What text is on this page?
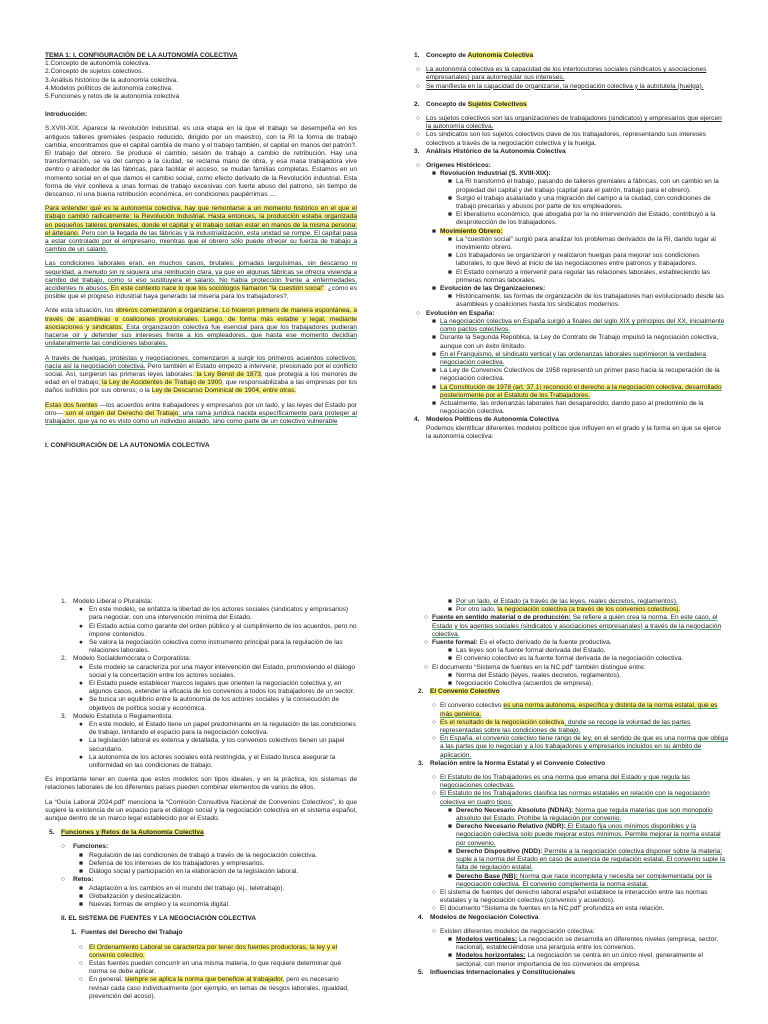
TEMA 1: I. CONFIGURACIÓN DE LA AUTONOMÍA COLECTIVA
1.Concepto de autonomía colectiva.
2.Concepto de sujetos colectivos.
3.Análisis histórico de la autonomía colectiva.
4.Modelos políticos de autonomía colectiva.
5.Funciones y retos de la autonomía colectiva
Introducción:

S.XVIII-XIX. Aparece la revolución industrial, es una etapa en la que el trabajo se desempeña en los antiguos talleres gremiales (espacio reducido, dirigido por un maestro), con la RI la forma de trabajo cambia, encontramos que el capital cambia de mano y el trabajo también, el capital en manos del patrón?. El trabajo del obrero. Se produce el cambio, sesión de trabajo a cambio de retribución. Hay una transformación, se va del campo a la ciudad, se reclama mano de obra, y esa masa trabajadora vive dentro o alrededor de las fábricas, para facilitar el acceso, se mudan familias completas. Estamos en un momento social en el que damos el cambio social, como efecto derivado de la Revolución industrial. Esta forma de vivir conlleva a unas formas de trabajo excesivas con fuerte abuso del patrono, sin tiempo de descanso, ni una buena retribución económica, en condiciones paupérrimas ....

Para entender qué es la autonomía colectiva, hay que remontarse a un momento histórico en el que el trabajo cambió radicalmente: la Revolución Industrial. Hasta entonces, la producción estaba organizada en pequeños talleres gremiales, donde el capital y el trabajo solían estar en manos de la misma persona: el artesano. Pero con la llegada de las fábricas y la industrialización, esta unidad se rompe. El capital pasa a estar controlado por el empresario, mientras que el obrero sólo puede ofrecer su fuerza de trabajo a cambio de un salario.

Las condiciones laborales eran, en muchos casos, brutales: jornadas larguísimas, sin descanso ni seguridad, a menudo sin ni siquiera una retribución clara, ya que en algunas fábricas se ofrecía vivienda a cambio del trabajo, como si eso sustituyera el salario. No había protección frente a enfermedades, accidentes ni abusos. En este contexto nace lo que los sociólogos llamaron “la cuestión social”: ¿cómo es posible que el progreso industrial haya generado tal miseria para los trabajadores?.

Ante esta situación, los obreros comenzaron a organizarse. Lo hicieron primero de manera espontánea, a través de asambleas o coaliciones provisionales. Luego, de forma más estable y legal, mediante asociaciones y sindicatos. Esta organización colectiva fue esencial para que los trabajadores pudieran hacerse oír y defender sus intereses frente a los empleadores, que hasta ese momento decidían unilateralmente las condiciones laborales.

A través de huelgas, protestas y negociaciones, comenzaron a surgir los primeros acuerdos colectivos: nacía así la negociación colectiva. Pero también el Estado empezó a intervenir, presionado por el conflicto social. Así, surgieron las primeras leyes laborales: la Ley Benot de 1873, que protegía a los menores de edad en el trabajo; la Ley de Accidentes de Trabajo de 1900, que responsabilizaba a las empresas por los daños sufridos por sus obreros; o la Ley de Descanso Dominical de 1904, entre otras.

Estas dos fuentes —los acuerdos entre trabajadores y empresarios por un lado, y las leyes del Estado por otro— son el origen del Derecho del Trabajo: una rama jurídica nacida específicamente para proteger al trabajador, que ya no es visto como un individuo aislado, sino como parte de un colectivo vulnerable

I. CONFIGURACIÓN DE LA AUTONOMÍA COLECTIVA
1. Concepto de Autonomía Colectiva
○ La autonomía colectiva es la capacidad de los interlocutores sociales (sindicatos y asociaciones empresariales) para autorregular sus intereses.
○ Se manifiesta en la capacidad de organizarse, la negociación colectiva y la autotutela (huelga).
2. Concepto de Sujetos Colectivos
○ Los sujetos colectivos son las organizaciones de trabajadores (sindicatos) y empresarios que ejercen la autonomía colectiva.
○ Los sindicatos son los sujetos colectivos clave de los trabajadores, representando sus intereses colectivos a través de la negociación colectiva y la huelga.
3. Análisis Histórico de la Autonomía Colectiva
○ Orígenes Históricos:
■ Revolución Industrial (S. XVIII-XIX):
■ La RI transformó el trabajo, pasando de talleres gremiales a fábricas, con un cambio en la propiedad del capital y del trabajo (capital para el patrón, trabajo para el obrero).
■ Surgió el trabajo asalariado y una migración del campo a la ciudad, con condiciones de trabajo precarias y abusos por parte de los empleadores.
■ El liberalismo económico, que abogaba por la no intervención del Estado, contribuyó a la desprotección de los trabajadores.
■ Movimiento Obrero:
■ La “cuestión social” surgió para analizar los problemas derivados de la RI, dando lugar al movimiento obrero.
■ Los trabajadores se organizaron y realizaron huelgas para mejorar sus condiciones laborales, lo que llevó al inicio de las negociaciones entre patronos y trabajadores.
■ El Estado comenzó a intervenir para regular las relaciones laborales, estableciendo las primeras normas laborales.
■ Evolución de las Organizaciones:
■ Históricamente, las formas de organización de los trabajadores han evolucionado desde las asambleas y coaliciones hasta los sindicatos modernos.
○ Evolución en España:
■ La negociación colectiva en España surgió a finales del siglo XIX y principios del XX, inicialmente como pactos colectivos.
■ Durante la Segunda República, la Ley de Contrato de Trabajo impulsó la negociación colectiva, aunque con un éxito limitado.
■ En el Franquismo, el sindicato vertical y las ordenanzas laborales suprimieron la verdadera negociación colectiva.
■ La Ley de Convenios Colectivos de 1958 representó un primer paso hacia la recuperación de la negociación colectiva.
■ La Constitución de 1978 (art. 37.1) reconoció el derecho a la negociación colectiva, desarrollado posteriormente por el Estatuto de los Trabajadores.
■ Actualmente, las ordenanzas laborales han desaparecido, dando paso al predominio de la negociación colectiva.
4. Modelos Políticos de Autonomía Colectiva
Podemos identificar diferentes modelos políticos que influyen en el grado y la forma en que se ejerce la autonomía colectiva:
1. Modelo Liberal o Pluralista:
● En este modelo, se enfatiza la libertad de los actores sociales (sindicatos y empresarios) para negociar, con una intervención mínima del Estado.
● El Estado actúa como garante del orden público y el cumplimiento de los acuerdos, pero no impone contenidos.
● Se valora la negociación colectiva como instrumento principal para la regulación de las relaciones laborales.
2. Modelo Socialdemócrata o Corporatista:
● Este modelo se caracteriza por una mayor intervención del Estado, promoviendo el diálogo social y la concertación entre los actores sociales.
● El Estado puede establecer marcos legales que orienten la negociación colectiva y, en algunos casos, extender la eficacia de los convenios a todos los trabajadores de un sector.
● Se busca un equilibrio entre la autonomía de los actores sociales y la consecución de objetivos de política social y económica.
3. Modelo Estatista o Reglamentista:
● En este modelo, el Estado tiene un papel predominante en la regulación de las condiciones de trabajo, limitando el espacio para la negociación colectiva.
● La legislación laboral es extensa y detallada, y los convenios colectivos tienen un papel secundario.
● La autonomía de los actores sociales está restringida, y el Estado busca asegurar la uniformidad en las condiciones de trabajo.

Es importante tener en cuenta que estos modelos son tipos ideales, y en la práctica, los sistemas de relaciones laborales de los diferentes países pueden combinar elementos de varios de ellos.

La “Guía Laboral 2024.pdf” menciona la “Comisión Consultiva Nacional de Convenios Colectivos”, lo que sugiere la existencia de un espacio para el diálogo social y la negociación colectiva en el sistema español, aunque dentro de un marco legal establecido por el Estado.

5. Funciones y Retos de la Autonomía Colectiva
○ Funciones:
■ Regulación de las condiciones de trabajo a través de la negociación colectiva.
■ Defensa de los intereses de los trabajadores y empresarios.
■ Diálogo social y participación en la elaboración de la legislación laboral.
○ Retos:
■ Adaptación a los cambios en el mundo del trabajo (ej., teletrabajo).
■ Globalización y deslocalización.
■ Nuevas formas de empleo y la economía digital.
II. EL SISTEMA DE FUENTES Y LA NEGOCIACIÓN COLECTIVA
1. Fuentes del Derecho del Trabajo
○ El Ordenamiento Laboral se caracteriza por tener dos fuentes productoras, la ley y el convenio colectivo.
○ Estas fuentes pueden concurrir en una misma materia, lo que requiere determinar qué norma se debe aplicar.
○ En general, siempre se aplica la norma que beneficie al trabajador, pero es necesario revisar cada caso individualmente (por ejemplo, en temas de riesgos laborales, igualdad, prevención del acoso).
■ Por un lado, el Estado (a través de las leyes, reales decretos, reglamentos).
■ Por otro lado, la negociación colectiva (a través de los convenios colectivos).
○ Fuente en sentido material o de producción: Se refiere a quién crea la norma. En este caso, el Estado y los agentes sociales (sindicatos y asociaciones empresariales) a través de la negociación colectiva.
○ Fuente formal: Es el efecto derivado de la fuente productiva.
■ Las leyes son la fuente formal derivada del Estado.
■ El convenio colectivo es la fuente formal derivada de la negociación colectiva.
○ El documento “Sistema de fuentes en la NC.pdf” también distingue entre:
■ Norma del Estado (leyes, reales decretos, reglamentos).
■ Negociación Colectiva (acuerdos de empresa).
2. El Convenio Colectivo
○ El convenio colectivo es una norma autónoma, específica y distinta de la norma estatal, que es más genérica.
○ Es el resultado de la negociación colectiva, donde se recoge la voluntad de las partes representadas sobre las condiciones de trabajo.
○ En España, el convenio colectivo tiene rango de ley, en el sentido de que es una norma que obliga a las partes que lo negocian y a los trabajadores y empresarios incluidos en su ámbito de aplicación.
3. Relación entre la Norma Estatal y el Convenio Colectivo
○ El Estatuto de los Trabajadores es una norma que emana del Estado y que regula las negociaciones colectivas.
○ El Estatuto de los Trabajadores clasifica las normas estatales en relación con la negociación colectiva en cuatro tipos:
■ Derecho Necesario Absoluto (NDNA): Norma que regula materias que son monopolio absoluto del Estado. Prohíbe la regulación por convenio.
■ Derecho Necesario Relativo (NDR): El Estado fija unos mínimos disponibles y la negociación colectiva solo puede mejorar estos mínimos. Permite mejorar la norma estatal por convenio.
■ Derecho Dispositivo (NDD): Permite a la negociación colectiva disponer sobre la materia; suple a la norma del Estado en caso de ausencia de regulación estatal. El convenio suple la falta de regulación estatal.
■ Derecho Base (NB): Norma que nace incompleta y necesita ser complementada por la negociación colectiva. El convenio complementa la norma estatal.
○ El sistema de fuentes del derecho laboral español establece la interacción entre las normas estatales y la negociación colectiva (convenios y acuerdos).
○ El documento “Sistema de fuentes en la NC.pdf” profundiza en esta relación.
4. Modelos de Negociación Colectiva
○ Existen diferentes modelos de negociación colectiva:
■ Modelos verticales: La negociación se desarrolla en diferentes niveles (empresa, sector, nacional), estableciéndose una jerarquía entre los convenios.
■ Modelos horizontales: La negociación se centra en un único nivel, generalmente el sectorial, con menor importancia de los convenios de empresa.
5. Influencias Internacionales y Constitucionales
